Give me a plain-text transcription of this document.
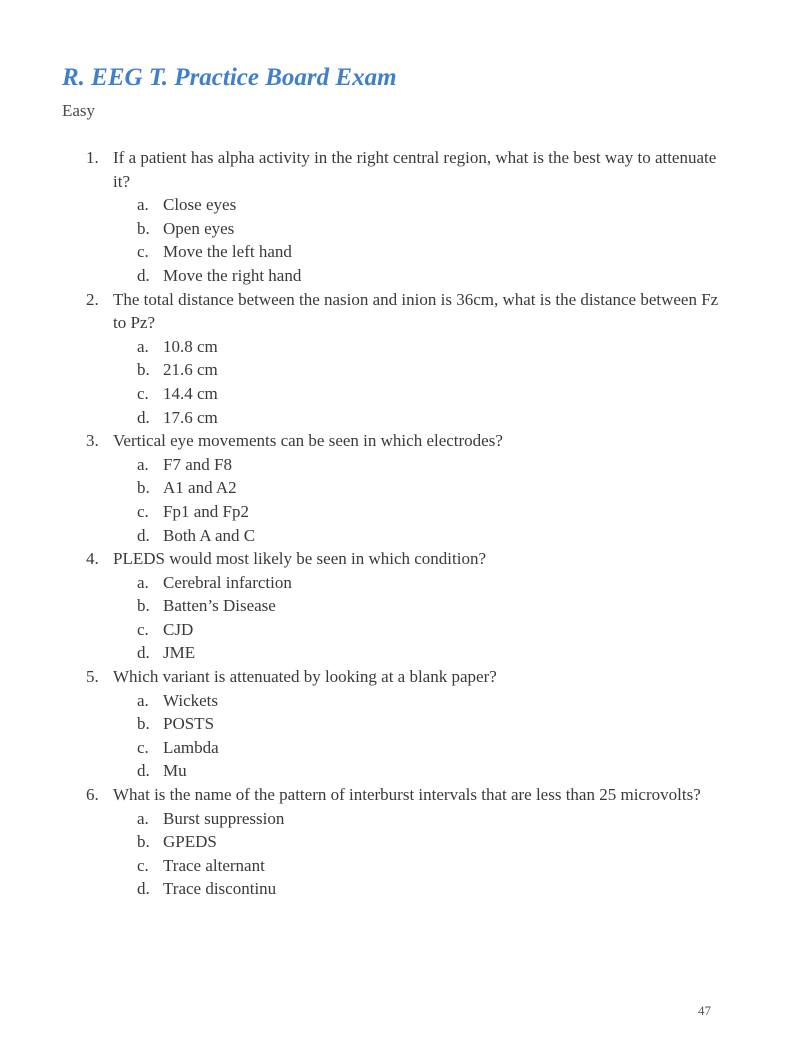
R. EEG T. Practice Board Exam
Easy
1. If a patient has alpha activity in the right central region, what is the best way to attenuate it?
a. Close eyes
b. Open eyes
c. Move the left hand
d. Move the right hand
2. The total distance between the nasion and inion is 36cm, what is the distance between Fz to Pz?
a. 10.8 cm
b. 21.6 cm
c. 14.4 cm
d. 17.6 cm
3. Vertical eye movements can be seen in which electrodes?
a. F7 and F8
b. A1 and A2
c. Fp1 and Fp2
d. Both A and C
4. PLEDS would most likely be seen in which condition?
a. Cerebral infarction
b. Batten’s Disease
c. CJD
d. JME
5. Which variant is attenuated by looking at a blank paper?
a. Wickets
b. POSTS
c. Lambda
d. Mu
6. What is the name of the pattern of interburst intervals that are less than 25 microvolts?
a. Burst suppression
b. GPEDS
c. Trace alternant
d. Trace discontinu
47
